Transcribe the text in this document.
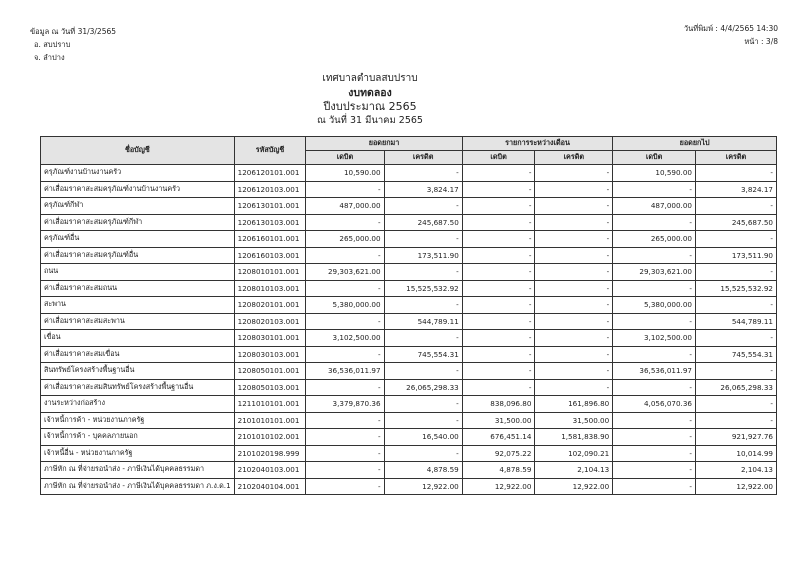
ข้อมูล ณ วันที่ 31/3/2565
อ. สบปราบ
จ. ลำปาง
วันที่พิมพ์ : 4/4/2565 14:30
หน้า : 3/8
เทศบาลตำบลสบปราบ
งบทดลอง
ปีงบประมาณ 2565
ณ วันที่ 31 มีนาคม 2565
ชื่อบัญชี	รหัสบัญชี	ยอดยกมา		รายการระหว่างเดือน		ยอดยกไป	
		เดบิต	เครดิต	เดบิต	เครดิต	เดบิต	เครดิต
ครุภัณฑ์งานบ้านงานครัว	1206120101.001	10,590.00	-	-	-	10,590.00	-
ค่าเสื่อมราคาสะสมครุภัณฑ์งานบ้านงานครัว	1206120103.001	-	3,824.17	-	-	-	3,824.17
ครุภัณฑ์กีฬา	1206130101.001	487,000.00	-	-	-	487,000.00	-
ค่าเสื่อมราคาสะสมครุภัณฑ์กีฬา	1206130103.001	-	245,687.50	-	-	-	245,687.50
ครุภัณฑ์อื่น	1206160101.001	265,000.00	-	-	-	265,000.00	-
ค่าเสื่อมราคาสะสมครุภัณฑ์อื่น	1206160103.001	-	173,511.90	-	-	-	173,511.90
ถนน	1208010101.001	29,303,621.00	-	-	-	29,303,621.00	-
ค่าเสื่อมราคาสะสมถนน	1208010103.001	-	15,525,532.92	-	-	-	15,525,532.92
สะพาน	1208020101.001	5,380,000.00	-	-	-	5,380,000.00	-
ค่าเสื่อมราคาสะสมสะพาน	1208020103.001	-	544,789.11	-	-	-	544,789.11
เขื่อน	1208030101.001	3,102,500.00	-	-	-	3,102,500.00	-
ค่าเสื่อมราคาสะสมเขื่อน	1208030103.001	-	745,554.31	-	-	-	745,554.31
สินทรัพย์โครงสร้างพื้นฐานอื่น	1208050101.001	36,536,011.97	-	-	-	36,536,011.97	-
ค่าเสื่อมราคาสะสมสินทรัพย์โครงสร้างพื้นฐานอื่น	1208050103.001	-	26,065,298.33	-	-	-	26,065,298.33
งานระหว่างก่อสร้าง	1211010101.001	3,379,870.36	-	838,096.80	161,896.80	4,056,070.36	-
เจ้าหนี้การค้า - หน่วยงานภาครัฐ	2101010101.001	-	-	31,500.00	31,500.00	-	-
เจ้าหนี้การค้า - บุคคลภายนอก	2101010102.001	-	16,540.00	676,451.14	1,581,838.90	-	921,927.76
เจ้าหนี้อื่น - หน่วยงานภาครัฐ	2101020198.999	-	-	92,075.22	102,090.21	-	10,014.99
ภาษีหัก ณ ที่จ่ายรอนำส่ง - ภาษีเงินได้บุคคลธรรมดา	2102040103.001	-	4,878.59	4,878.59	2,104.13	-	2,104.13
ภาษีหัก ณ ที่จ่ายรอนำส่ง - ภาษีเงินได้บุคคลธรรมดา ภ.ง.ด.1	2102040104.001	-	12,922.00	12,922.00	12,922.00	-	12,922.00
